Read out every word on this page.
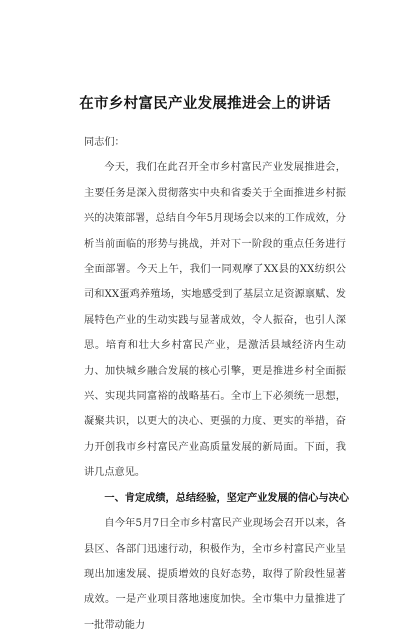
在市乡村富民产业发展推进会上的讲话

同志们：

今天，我们在此召开全市乡村富民产业发展推进会，主要任务是深入贯彻落实中央和省委关于全面推进乡村振兴的决策部署，总结自今年5月现场会以来的工作成效，分析当前面临的形势与挑战，并对下一阶段的重点任务进行全面部署。今天上午，我们一同观摩了XX县的XX纺织公司和XX蛋鸡养殖场，实地感受到了基层立足资源禀赋、发展特色产业的生动实践与显著成效，令人振奋，也引人深思。培育和壮大乡村富民产业，是激活县域经济内生动力、加快城乡融合发展的核心引擎，更是推进乡村全面振兴、实现共同富裕的战略基石。全市上下必须统一思想，凝聚共识，以更大的决心、更强的力度、更实的举措，奋力开创我市乡村富民产业高质量发展的新局面。下面，我讲几点意见。

一、肯定成绩，总结经验，坚定产业发展的信心与决心

自今年5月7日全市乡村富民产业现场会召开以来，各县区、各部门迅速行动，积极作为，全市乡村富民产业呈现出加速发展、提质增效的良好态势，取得了阶段性显著成效。一是产业项目落地速度加快。全市集中力量推进了一批带动能力
